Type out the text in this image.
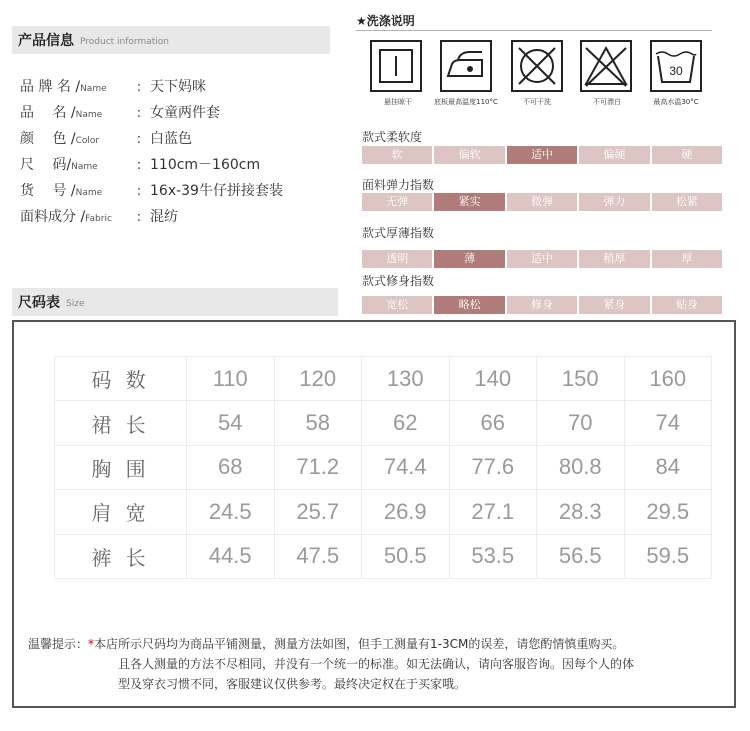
产品信息 Product information
品 牌 名 /Name	: 天下妈咪
品　 名 /Name	: 女童两件套
颜　 色 /Color	: 白蓝色
尺　 码/Name	: 110cm－160cm
货　 号 /Name	: 16x-39牛仔拼接套装
面料成分 /Fabric	: 混纺
★洗涤说明
30
悬挂晾干	底板最高温度110°C	不可干洗	不可漂白	最高水温30°C
款式柔软度
软	偏软	适中	偏硬	硬
面料弹力指数
无弹	紧实	微弹	弹力	松紧
款式厚薄指数
透明	薄	适中	稍厚	厚
款式修身指数
宽松	略松	修身	紧身	贴身
尺码表 Size
码 数	110	120	130	140	150	160
裙 长	54	58	62	66	70	74
胸 围	68	71.2	74.4	77.6	80.8	84
肩 宽	24.5	25.7	26.9	27.1	28.3	29.5
裤 长	44.5	47.5	50.5	53.5	56.5	59.5
温馨提示：*本店所示尺码均为商品平铺测量，测量方法如图，但手工测量有1-3CM的误差，请您酌情慎重购买。
且各人测量的方法不尽相同，并没有一个统一的标准。如无法确认，请向客服咨询。因每个人的体
型及穿衣习惯不同，客服建议仅供参考。最终决定权在于买家哦。
